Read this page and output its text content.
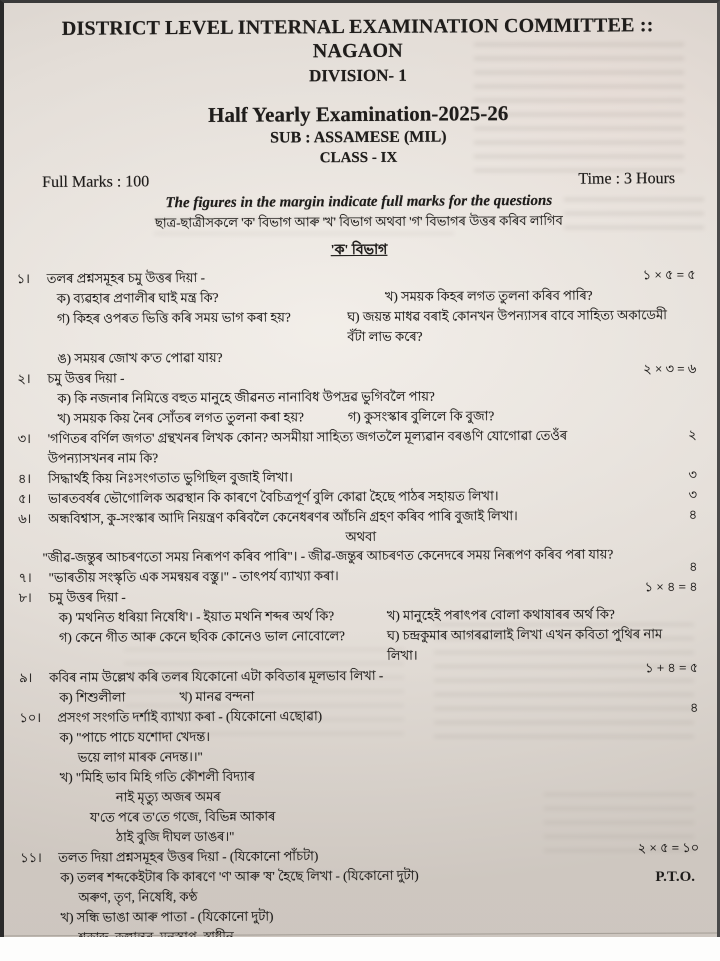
DISTRICT LEVEL INTERNAL EXAMINATION COMMITTEE :: NAGAON
DIVISION- 1
Half Yearly Examination-2025-26
SUB : ASSAMESE (MIL)
CLASS - IX
Full Marks : 100	Time : 3 Hours
The figures in the margin indicate full marks for the questions
ছাত্ৰ-ছাত্ৰীসকলে 'ক' বিভাগ আৰু 'খ' বিভাগ অথবা 'গ' বিভাগৰ উত্তৰ কৰিব লাগিব
'ক' বিভাগ
১।	তলৰ প্ৰশ্নসমূহৰ চমু উত্তৰ দিয়া -	১ × ৫ = ৫
ক) ব্যৱহাৰ প্ৰণালীৰ ঘাই মন্ত্ৰ কি?	খ) সময়ক কিহৰ লগত তুলনা কৰিব পাৰি?
গ) কিহৰ ওপৰত ভিত্তি কৰি সময় ভাগ কৰা হয়?	ঘ) জয়ন্ত মাধৱ বৰাই কোনখন উপন্যাসৰ বাবে সাহিত্য অকাডেমী বঁটা লাভ কৰে?
ঙ) সময়ৰ জোখ ক'ত পোৱা যায়?
২।	চমু উত্তৰ দিয়া -
২ × ৩ = ৬
ক) কি নজনাৰ নিমিত্তে বহুত মানুহে জীৱনত নানাবিধ উপদ্ৰৱ ভুগিবলৈ পায়?
খ) সময়ক কিয় নৈৰ সোঁতৰ লগত তুলনা কৰা হয়?	গ) কুসংস্কাৰ বুলিলে কি বুজা?
৩।	'গণিতৰ বৰ্ণিল জগত' গ্ৰন্থখনৰ লিখক কোন? অসমীয়া সাহিত্য জগতলৈ মূল্যৱান বৰঙণি যোগোৱা তেওঁৰ উপন্যাসখনৰ নাম কি?
২
৪।	সিদ্ধাৰ্থই কিয় নিঃসংগতাত ভুগিছিল বুজাই লিখা।	৩
৫।	ভাৰতবৰ্ষৰ ভৌগোলিক অৱস্থান কি কাৰণে বৈচিত্ৰপূৰ্ণ বুলি কোৱা হৈছে পাঠৰ সহায়ত লিখা।	৩
৬।	অন্ধবিশ্বাস, কু-সংস্কাৰ আদি নিয়ন্ত্ৰণ কৰিবলৈ কেনেধৰণৰ আঁচনি গ্ৰহণ কৰিব পাৰি বুজাই লিখা।	৪
অথবা
"জীৱ-জন্তুৰ আচৰণতো সময় নিৰূপণ কৰিব পাৰি"। - জীৱ-জন্তুৰ আচৰণত কেনেদৰে সময় নিৰূপণ কৰিব পৰা যায়?
৪
৭।	"ভাৰতীয় সংস্কৃতি এক সমন্বয়ৰ বস্তু।" - তাৎপৰ্য ব্যাখ্যা কৰা।
১ × ৪ = ৪
৮।	চমু উত্তৰ দিয়া -
ক) 'মথনিত ধৰিয়া নিষেধি'। - ইয়াত মথনি শব্দৰ অৰ্থ কি?	খ) মানুহেই পৰাৎপৰ বোলা কথাষাৰৰ অৰ্থ কি?
গ) কেনে গীত আৰু কেনে ছবিক কোনেও ভাল নোবোলে?	ঘ) চন্দ্ৰকুমাৰ আগৰৱালাই লিখা এখন কবিতা পুথিৰ নাম লিখা।
৯।	কবিৰ নাম উল্লেখ কৰি তলৰ যিকোনো এটা কবিতাৰ মূলভাব লিখা -
১ + ৪ = ৫
ক) শিশুলীলা	খ) মানৱ বন্দনা
১০।	প্ৰসংগ সংগতি দৰ্শাই ব্যাখ্যা কৰা - (যিকোনো এছোৱা)
৪
ক) "পাচে পাচে যশোদা খেদন্ত।
ভয়ে লাগ মাৰক নেদন্ত।।"
খ) "মিহি ভাব মিহি গতি কৌশলী বিদ্যাৰ
নাই মৃত্যু অজৰ অমৰ
য'তে পৰে ত'তে গজে, বিভিন্ন আকাৰ
ঠাই বুজি দীঘল ডাঙৰ।"
১১।	তলত দিয়া প্ৰশ্নসমূহৰ উত্তৰ দিয়া - (যিকোনো পাঁচটা)
২ × ৫ = ১০
ক) তলৰ শব্দকেইটাৰ কি কাৰণে 'ণ' আৰু 'ষ' হৈছে লিখা - (যিকোনো দুটা)
অৰুণ, তৃণ, নিষেধি, কণ্ঠ
খ) সন্ধি ভাঙা আৰু পাতা - (যিকোনো দুটা)
P.T.O.
